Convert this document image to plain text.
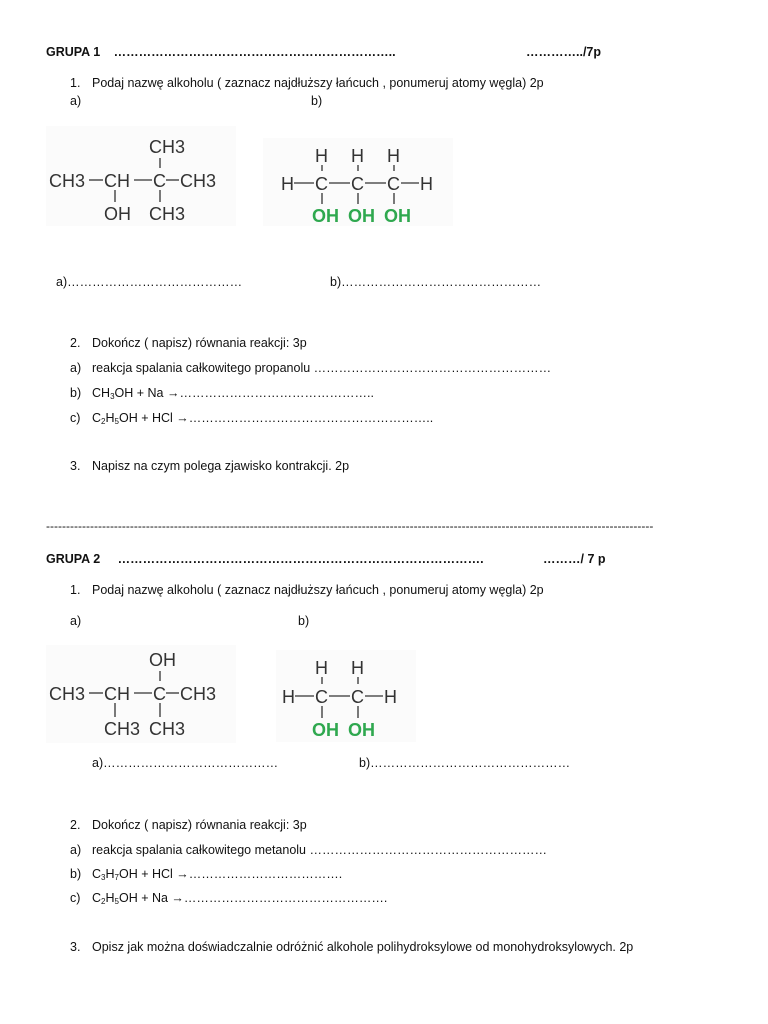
GRUPA 1 …………………………………………………………..	…………../7p
1. Podaj nazwę alkoholu ( zaznacz najdłuższy łańcuch , ponumeruj atomy węgla) 2p
a)	b)
CH3
CH3 CH C CH3
OH CH3
H H H
H C C C H
OH OH OH
a)……………………………………	b)…………………………………………
2. Dokończ ( napisz) równania reakcji: 3p
a) reakcja spalania całkowitego propanolu …………………………………………………
b) $CH_3OH + Na$ →………………………………………..
c) $C_2H_5OH$ + HCl →…………………………………………………..
3. Napisz na czym polega zjawisko kontrakcji. 2p
--------------------------------------------------------------------------------------------------------------------------------------------------------
GRUPA 2 …………………………………………………………………………….	………/ 7 p
1. Podaj nazwę alkoholu ( zaznacz najdłuższy łańcuch , ponumeruj atomy węgla) 2p
a)	b)
OH
CH3 CH C CH3
CH3 CH3
H H
H C C H
OH OH
a)……………………………………	b)…………………………………………
2. Dokończ ( napisz) równania reakcji: 3p
a) reakcja spalania całkowitego metanolu …………………………………………………
b) $C_3H_7OH$ + HCl →……………………………….
c) $C_2H_5OH + Na$ →………………………………………….
3. Opisz jak można doświadczalnie odróżnić alkohole polihydroksylowe od monohydroksylowych. 2p
